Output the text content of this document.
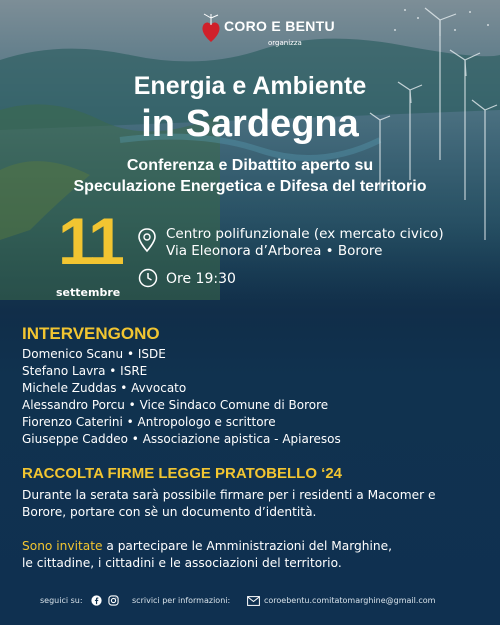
CORO E BENTU
organizza
Energia e Ambiente
in Sardegna
Conferenza e Dibattito aperto su
Speculazione Energetica e Difesa del territorio
11
settembre
Centro polifunzionale (ex mercato civico)
Via Eleonora d’Arborea • Borore
Ore 19:30
INTERVENGONO
Domenico Scanu • ISDE
Stefano Lavra • ISRE
Michele Zuddas • Avvocato
Alessandro Porcu • Vice Sindaco Comune di Borore
Fiorenzo Caterini • Antropologo e scrittore
Giuseppe Caddeo • Associazione apistica - Apiaresos
RACCOLTA FIRME LEGGE PRATOBELLO ‘24
Durante la serata sarà possibile firmare per i residenti a Macomer e
Borore, portare con sè un documento d’identità.
Sono invitate a partecipare le Amministrazioni del Marghine,
le cittadine, i cittadini e le associazioni del territorio.
seguici su:	scrivici per informazioni:	coroebentu.comitatomarghine@gmail.com
